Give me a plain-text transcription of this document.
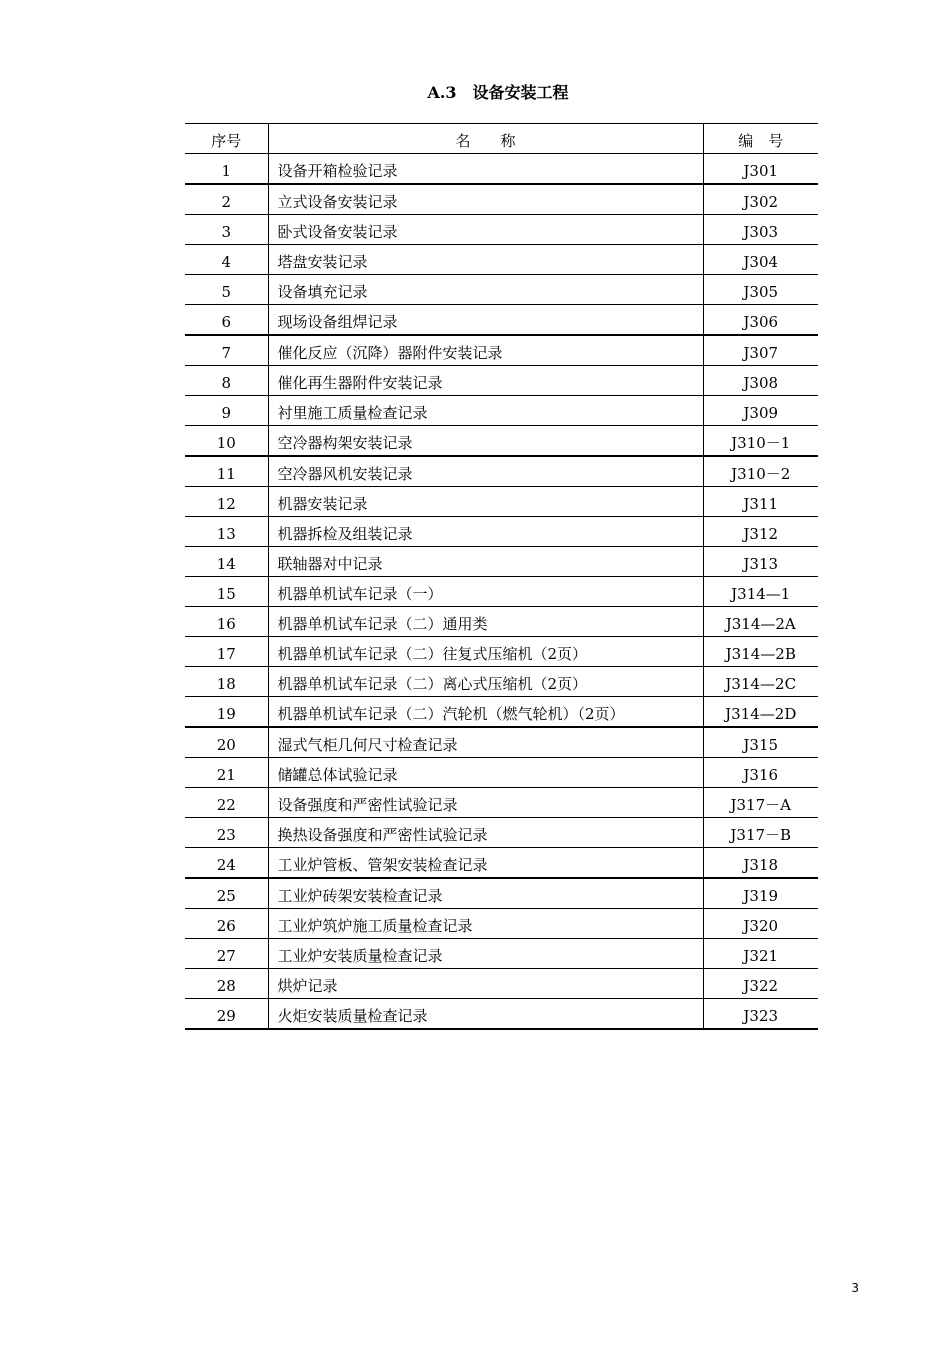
A.3 设备安装工程
序号	名　　称	编　号
1	设备开箱检验记录	J301
2	立式设备安装记录	J302
3	卧式设备安装记录	J303
4	塔盘安装记录	J304
5	设备填充记录	J305
6	现场设备组焊记录	J306
7	催化反应（沉降）器附件安装记录	J307
8	催化再生器附件安装记录	J308
9	衬里施工质量检查记录	J309
10	空冷器构架安装记录	J310－1
11	空冷器风机安装记录	J310－2
12	机器安装记录	J311
13	机器拆检及组装记录	J312
14	联轴器对中记录	J313
15	机器单机试车记录（一）	J314—1
16	机器单机试车记录（二）通用类	J314—2A
17	机器单机试车记录（二）往复式压缩机（2页）	J314—2B
18	机器单机试车记录（二）离心式压缩机（2页）	J314—2C
19	机器单机试车记录（二）汽轮机（燃气轮机）（2页）	J314—2D
20	湿式气柜几何尺寸检查记录	J315
21	储罐总体试验记录	J316
22	设备强度和严密性试验记录	J317－A
23	换热设备强度和严密性试验记录	J317－B
24	工业炉管板、管架安装检查记录	J318
25	工业炉砖架安装检查记录	J319
26	工业炉筑炉施工质量检查记录	J320
27	工业炉安装质量检查记录	J321
28	烘炉记录	J322
29	火炬安装质量检查记录	J323
3
